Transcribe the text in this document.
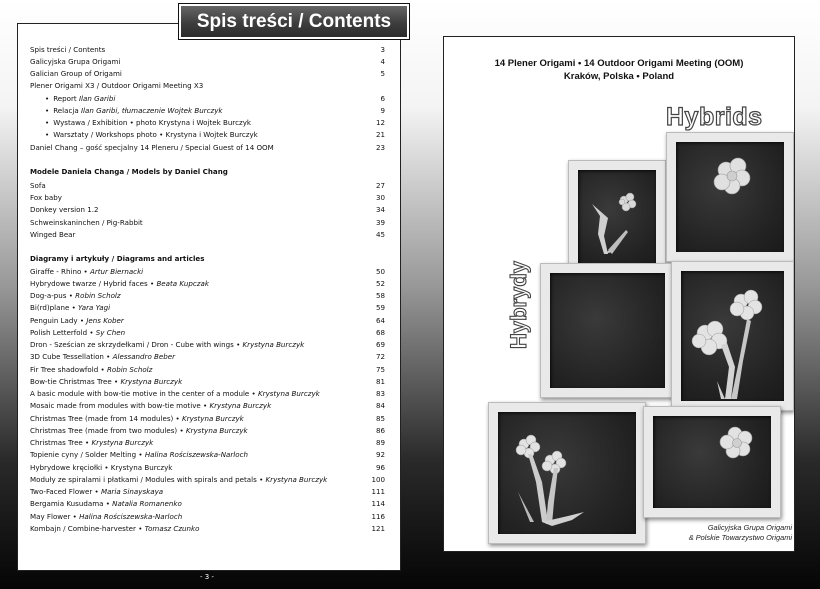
Spis treści / Contents
Spis treści / Contents	3
Galicyjska Grupa Origami	4
Galician Group of Origami	5
Plener Origami X3 / Outdoor Origami Meeting X3
• Report Ilan Garibi	6
• Relacja Ilan Garibi, tłumaczenie Wojtek Burczyk	9
• Wystawa / Exhibition • photo Krystyna i Wojtek Burczyk	12
• Warsztaty / Workshops photo • Krystyna i Wojtek Burczyk	21
Daniel Chang – gość specjalny 14 Pleneru / Special Guest of 14 OOM	23
Modele Daniela Changa / Models by Daniel Chang
Sofa	27
Fox baby	30
Donkey version 1.2	34
Schweinskaninchen / Pig-Rabbit	39
Winged Bear	45
Diagramy i artykuły / Diagrams and articles
Giraffe - Rhino • Artur Biernacki	50
Hybrydowe twarze / Hybrid faces • Beata Kupczak	52
Dog-a-pus • Robin Scholz	58
Bi(rd)plane • Yara Yagi	59
Penguin Lady • Jens Kober	64
Polish Letterfold • Sy Chen	68
Dron - Sześcian ze skrzydełkami / Dron - Cube with wings • Krystyna Burczyk	69
3D Cube Tessellation • Alessandro Beber	72
Fir Tree shadowfold • Robin Scholz	75
Bow-tie Christmas Tree • Krystyna Burczyk	81
A basic module with bow-tie motive in the center of a module • Krystyna Burczyk	83
Mosaic made from modules with bow-tie motive • Krystyna Burczyk	84
Christmas Tree (made from 14 modules) • Krystyna Burczyk	85
Christmas Tree (made from two modules) • Krystyna Burczyk	86
Christmas Tree • Krystyna Burczyk	89
Topienie cyny / Solder Melting • Halina Rościszewska-Narloch	92
Hybrydowe kręciołki • Krystyna Burczyk	96
Moduły ze spiralami i płatkami / Modules with spirals and petals • Krystyna Burczyk	100
Two-Faced Flower • Maria Sinayskaya	111
Bergamia Kusudama • Natalia Romanenko	114
May Flower • Halina Rościszewska-Narloch	116
Kombajn / Combine-harvester • Tomasz Czunko	121
- 3 -
14 Plener Origami • 14 Outdoor Origami Meeting (OOM)
Kraków, Polska • Poland
Hybrids
Hybrydy
Galicyjska Grupa Origami
& Polskie Towarzystwo Origami
